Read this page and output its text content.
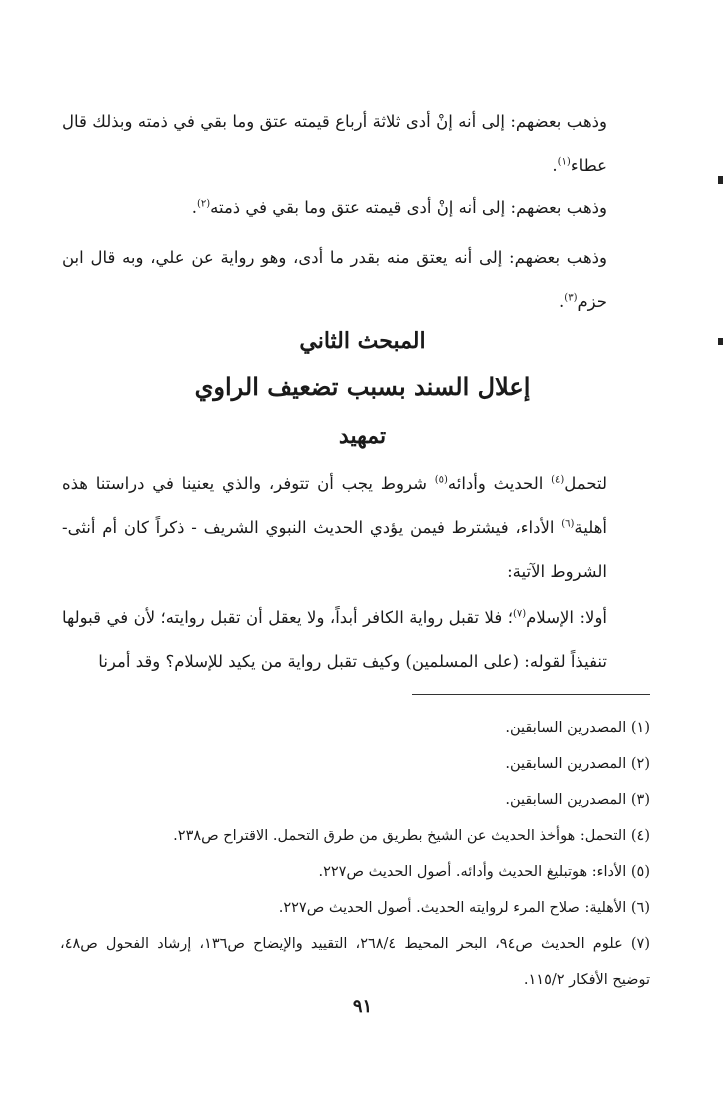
وذهب بعضهم: إلى أنه إنْ أدى ثلاثة أرباع قيمته عتق وما بقي في ذمته وبذلك قال عطاء$^{(١)}$.
وذهب بعضهم: إلى أنه إنْ أدى قيمته عتق وما بقي في ذمته$^{(٢)}$.
وذهب بعضهم: إلى أنه يعتق منه بقدر ما أدى، وهو رواية عن علي، وبه قال ابن حزم$^{(٣)}$.
المبحث الثاني
إعلال السند بسبب تضعيف الراوي
تمهيد
لتحمل$^{(٤)}$ الحديث وأدائه$^{(٥)}$ شروط يجب أن تتوفر، والذي يعنينا في دراستنا هذه أهلية$^{(٦)}$ الأداء، فيشترط فيمن يؤدي الحديث النبوي الشريف - ذكراً كان أم أنثى- الشروط الآتية:
أولا: الإسلام$^{(٧)}$؛ فلا تقبل رواية الكافر أبداً، ولا يعقل أن تقبل روايته؛ لأن في قبولها تنفيذاً لقوله: (على المسلمين) وكيف تقبل رواية من يكيد للإسلام؟ وقد أمرنا
(١) المصدرين السابقين.
(٢) المصدرين السابقين.
(٣) المصدرين السابقين.
(٤) التحمل: هوأخذ الحديث عن الشيخ بطريق من طرق التحمل. الاقتراح ص٢٣٨.
(٥) الأداء: هوتبليغ الحديث وأدائه. أصول الحديث ص٢٢٧.
(٦) الأهلية: صلاح المرء لروايته الحديث. أصول الحديث ص٢٢٧.
(٧) علوم الحديث ص٩٤، البحر المحيط ٢٦٨/٤، التقييد والإيضاح ص١٣٦، إرشاد الفحول ص٤٨، توضيح الأفكار ١١٥/٢.
٩١
